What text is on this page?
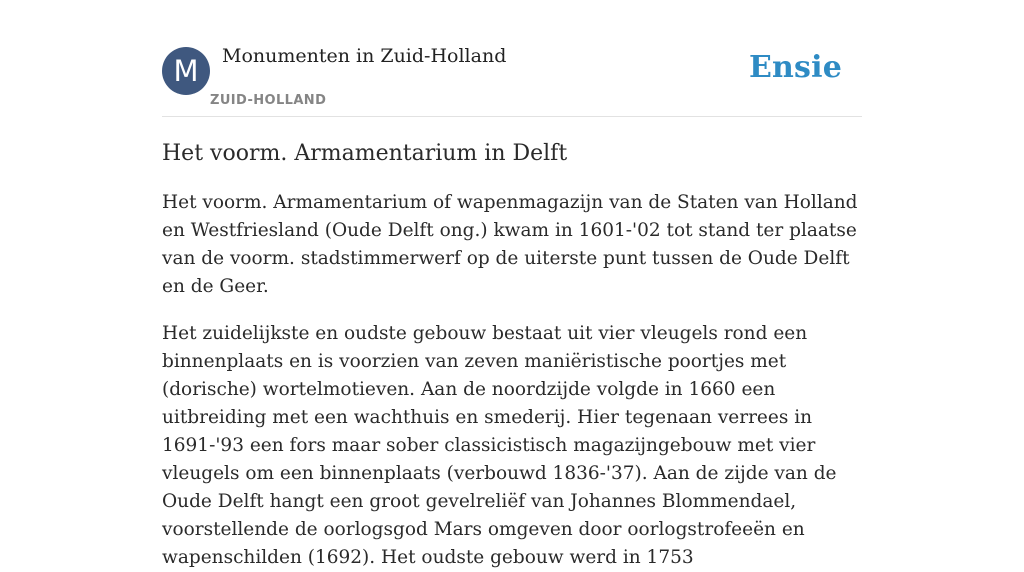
M	Monumenten in Zuid-Holland
ZUID-HOLLAND
Ensie
Het voorm. Armamentarium in Delft

Het voorm. Armamentarium of wapenmagazijn van de Staten van Holland en Westfriesland (Oude Delft ong.) kwam in 1601-'02 tot stand ter plaatse van de voorm. stadstimmerwerf op de uiterste punt tussen de Oude Delft en de Geer.

Het zuidelijkste en oudste gebouw bestaat uit vier vleugels rond een binnenplaats en is voorzien van zeven maniëristische poortjes met (dorische) wortelmotieven. Aan de noordzijde volgde in 1660 een uitbreiding met een wachthuis en smederij. Hier tegenaan verrees in 1691-'93 een fors maar sober classicistisch magazijngebouw met vier vleugels om een binnenplaats (verbouwd 1836-'37). Aan de zijde van de Oude Delft hangt een groot gevelreliëf van Johannes Blommendael, voorstellende de oorlogsgod Mars omgeven door oorlogstrofeeën en wapenschilden (1692). Het oudste gebouw werd in 1753
